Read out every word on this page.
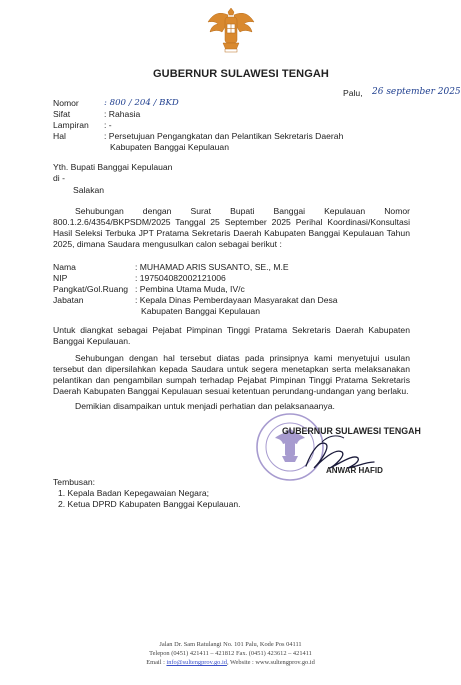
GUBERNUR SULAWESI TENGAH
Palu, 26 september 2025
Nomor	: 800 / 204 / BKD
Sifat	: Rahasia
Lampiran : -
Hal	: Persetujuan Pengangkatan dan Pelantikan Sekretaris Daerah
Kabupaten Banggai Kepulauan
Yth. Bupati Banggai Kepulauan
di -
Salakan
Sehubungan dengan Surat Bupati Banggai Kepulauan Nomor 800.1.2.6/4354/BKPSDM/2025 Tanggal 25 September 2025 Perihal Koordinasi/Konsultasi Hasil Seleksi Terbuka JPT Pratama Sekretaris Daerah Kabupaten Banggai Kepulauan Tahun 2025, dimana Saudara mengusulkan calon sebagai berikut :
Nama	: MUHAMAD ARIS SUSANTO, SE., M.E
NIP	: 197504082002121006
Pangkat/Gol.Ruang : Pembina Utama Muda, IV/c
Jabatan	: Kepala Dinas Pemberdayaan Masyarakat dan Desa
Kabupaten Banggai Kepulauan
Untuk diangkat sebagai Pejabat Pimpinan Tinggi Pratama Sekretaris Daerah Kabupaten Banggai Kepulauan.
Sehubungan dengan hal tersebut diatas pada prinsipnya kami menyetujui usulan tersebut dan dipersilahkan kepada Saudara untuk segera menetapkan serta melaksanakan pelantikan dan pengambilan sumpah terhadap Pejabat Pimpinan Tinggi Pratama Sekretaris Daerah Kabupaten Banggai Kepulauan sesuai ketentuan perundang-undangan yang berlaku.
Demikian disampaikan untuk menjadi perhatian dan pelaksanaanya.
GUBERNUR SULAWESI TENGAH
ANWAR HAFID
Tembusan:
1. Kepala Badan Kepegawaian Negara;
2. Ketua DPRD Kabupaten Banggai Kepulauan.
Jalan Dr. Sam Ratulangi No. 101 Palu, Kode Pos 04111
Telepon (0451) 421411 – 421812 Fax. (0451) 423612 – 421411
Email : info@sultengprov.go.id, Website : www.sultengprov.go.id
